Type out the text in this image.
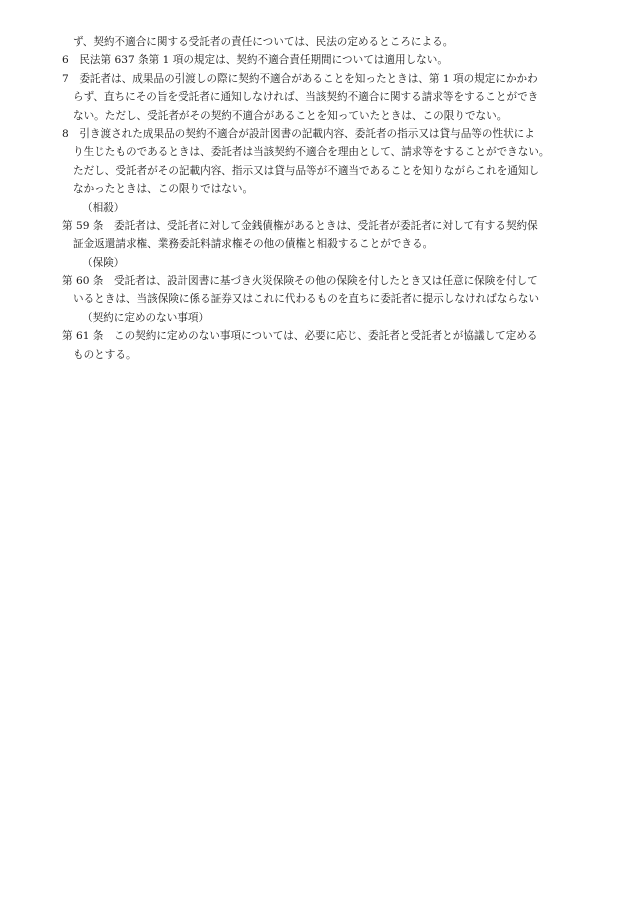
ず、契約不適合に関する受託者の責任については、民法の定めるところによる。
6　民法第 637 条第 1 項の規定は、契約不適合責任期間については適用しない。
7　委託者は、成果品の引渡しの際に契約不適合があることを知ったときは、第 1 項の規定にかかわ
らず、直ちにその旨を受託者に通知しなければ、当該契約不適合に関する請求等をすることができ
ない。ただし、受託者がその契約不適合があることを知っていたときは、この限りでない。
8　引き渡された成果品の契約不適合が設計図書の記載内容、委託者の指示又は貸与品等の性状によ
り生じたものであるときは、委託者は当該契約不適合を理由として、請求等をすることができない。
ただし、受託者がその記載内容、指示又は貸与品等が不適当であることを知りながらこれを通知し
なかったときは、この限りではない。
（相殺）
第 59 条　委託者は、受託者に対して金銭債権があるときは、受託者が委託者に対して有する契約保
証金返還請求権、業務委託料請求権その他の債権と相殺することができる。
（保険）
第 60 条　受託者は、設計図書に基づき火災保険その他の保険を付したとき又は任意に保険を付して
いるときは、当該保険に係る証券又はこれに代わるものを直ちに委託者に提示しなければならない
（契約に定めのない事項）
第 61 条　この契約に定めのない事項については、必要に応じ、委託者と受託者とが協議して定める
ものとする。
